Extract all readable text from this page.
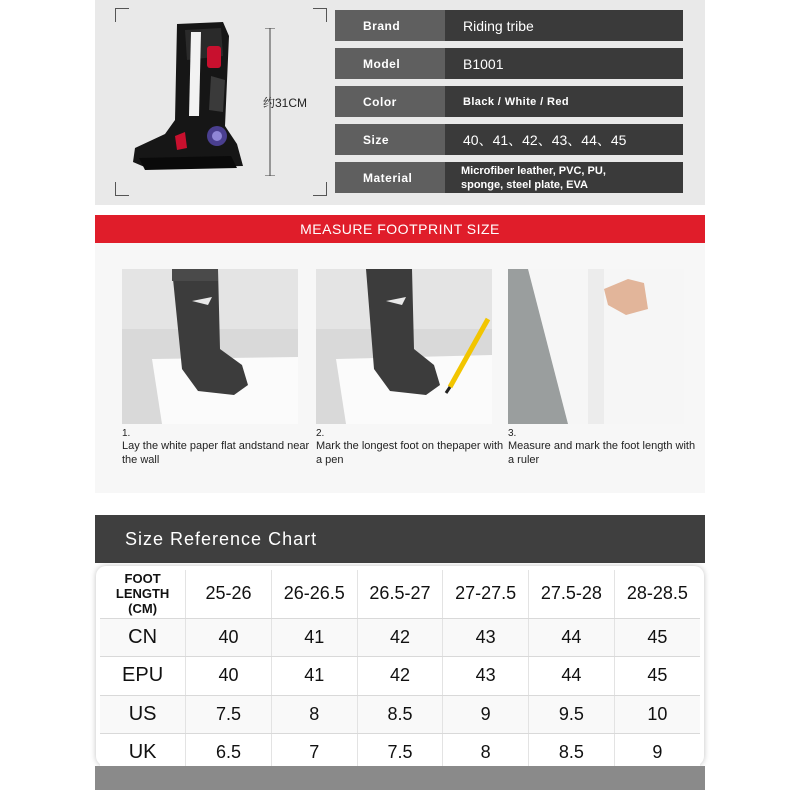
约31CM
Brand	Riding tribe
Model	B1001
Color	Black / White / Red
Size	40、41、42、43、44、45
Material	Microfiber leather, PVC, PU,
sponge, steel plate, EVA
MEASURE FOOTPRINT SIZE
1.
Lay the white paper flat andstand near the wall
2.
Mark the longest foot on thepaper with a pen
3.
Measure and mark the foot length with a ruler
Size Reference Chart
FOOT LENGTH
(CM)	25-26	26-26.5	26.5-27	27-27.5	27.5-28	28-28.5
CN	40	41	42	43	44	45
EPU	40	41	42	43	44	45
US	7.5	8	8.5	9	9.5	10
UK	6.5	7	7.5	8	8.5	9
